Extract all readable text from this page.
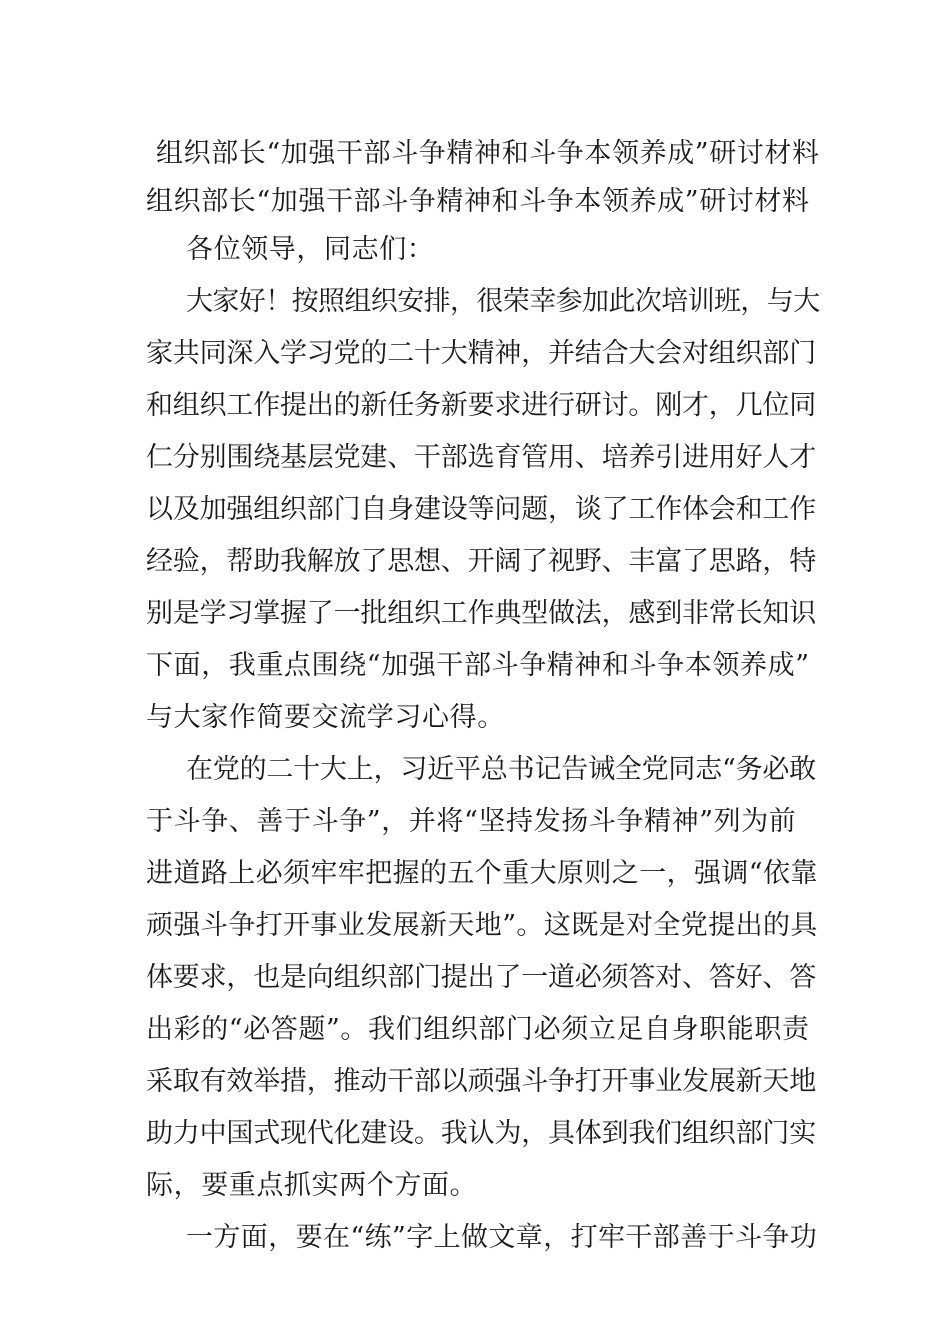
组织部长“加强干部斗争精神和斗争本领养成”研讨材料
组织部长“加强干部斗争精神和斗争本领养成”研讨材料
各位领导，同志们：
大家好！按照组织安排，很荣幸参加此次培训班，与大
家共同深入学习党的二十大精神，并结合大会对组织部门
和组织工作提出的新任务新要求进行研讨。刚才，几位同
仁分别围绕基层党建、干部选育管用、培养引进用好人才
以及加强组织部门自身建设等问题，谈了工作体会和工作
经验，帮助我解放了思想、开阔了视野、丰富了思路，特
别是学习掌握了一批组织工作典型做法，感到非常长知识
下面，我重点围绕“加强干部斗争精神和斗争本领养成”
与大家作简要交流学习心得。
在党的二十大上，习近平总书记告诫全党同志“务必敢
于斗争、善于斗争”，并将“坚持发扬斗争精神”列为前
进道路上必须牢牢把握的五个重大原则之一，强调“依靠
顽强斗争打开事业发展新天地”。这既是对全党提出的具
体要求，也是向组织部门提出了一道必须答对、答好、答
出彩的“必答题”。我们组织部门必须立足自身职能职责
采取有效举措，推动干部以顽强斗争打开事业发展新天地
助力中国式现代化建设。我认为，具体到我们组织部门实
际，要重点抓实两个方面。
一方面，要在“练”字上做文章，打牢干部善于斗争功
